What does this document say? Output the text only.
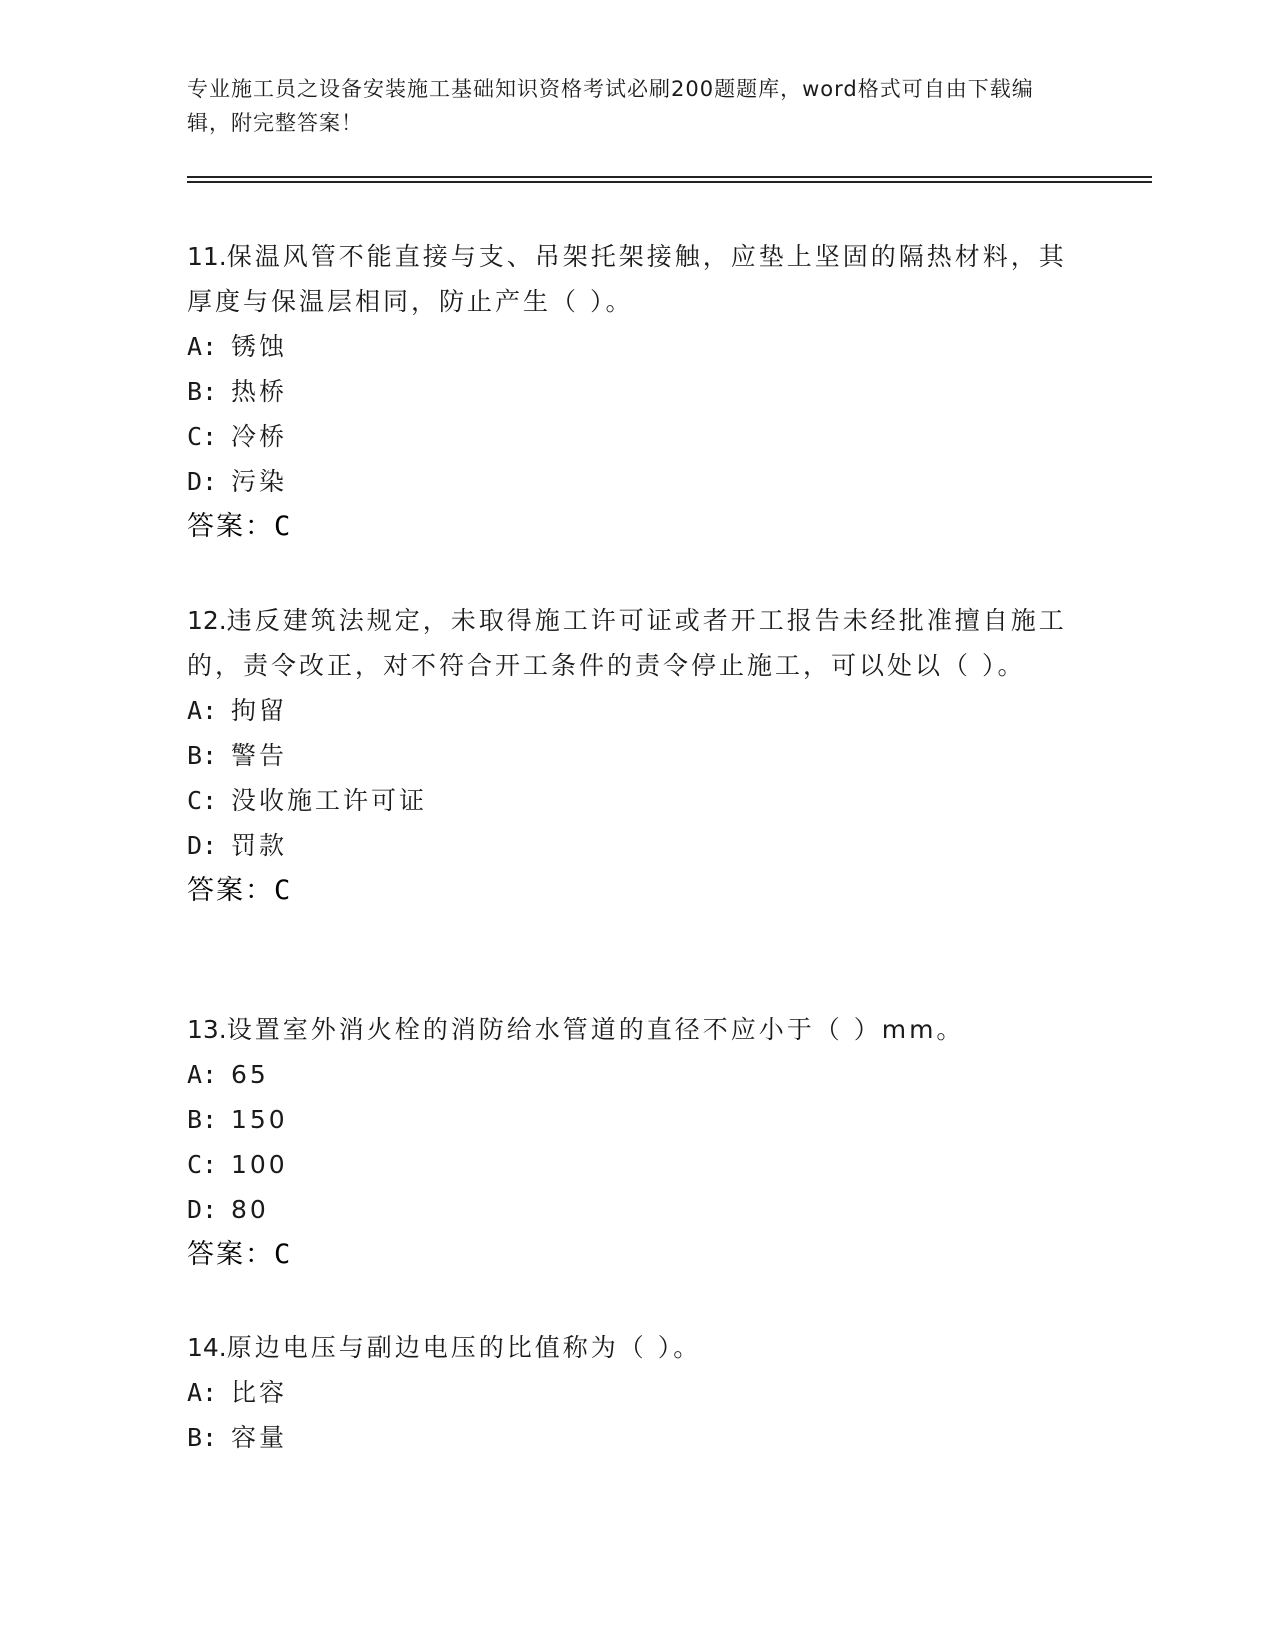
专业施工员之设备安装施工基础知识资格考试必刷200题题库，word格式可自由下载编辑，附完整答案！

11.保温风管不能直接与支、吊架托架接触，应垫上坚固的隔热材料，其厚度与保温层相同，防止产生（ ）。

A: 锈蚀
B: 热桥
C: 冷桥
D: 污染
答案：C

12.违反建筑法规定，未取得施工许可证或者开工报告未经批准擅自施工的，责令改正，对不符合开工条件的责令停止施工，可以处以（ ）。

A: 拘留
B: 警告
C: 没收施工许可证
D: 罚款
答案：C

13.设置室外消火栓的消防给水管道的直径不应小于（ ）mm。

A: 65
B: 150
C: 100
D: 80
答案：C

14.原边电压与副边电压的比值称为（ ）。

A: 比容
B: 容量
